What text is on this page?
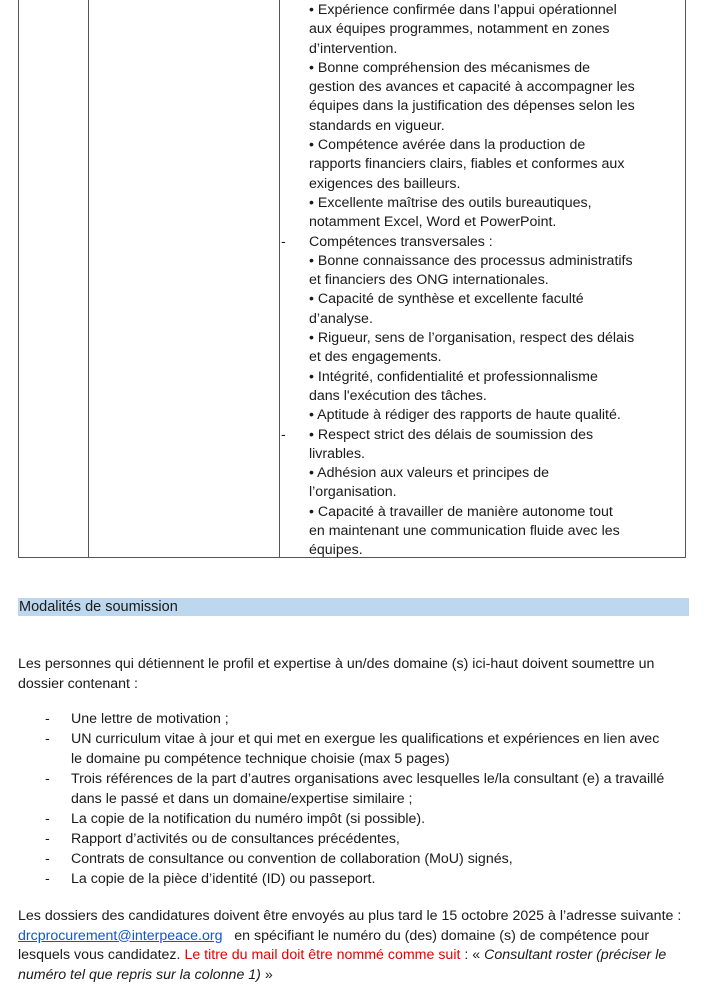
• Expérience confirmée dans l’appui opérationnel
aux équipes programmes, notamment en zones
d’intervention.
• Bonne compréhension des mécanismes de
gestion des avances et capacité à accompagner les
équipes dans la justification des dépenses selon les
standards en vigueur.
• Compétence avérée dans la production de
rapports financiers clairs, fiables et conformes aux
exigences des bailleurs.
• Excellente maîtrise des outils bureautiques,
notamment Excel, Word et PowerPoint.
- Compétences transversales :
• Bonne connaissance des processus administratifs
et financiers des ONG internationales.
• Capacité de synthèse et excellente faculté
d’analyse.
• Rigueur, sens de l’organisation, respect des délais
et des engagements.
• Intégrité, confidentialité et professionnalisme
dans l'exécution des tâches.
• Aptitude à rédiger des rapports de haute qualité.
- • Respect strict des délais de soumission des
livrables.
• Adhésion aux valeurs et principes de
l’organisation.
• Capacité à travailler de manière autonome tout
en maintenant une communication fluide avec les
équipes.
Modalités de soumission
Les personnes qui détiennent le profil et expertise à un/des domaine (s) ici-haut doivent soumettre un dossier contenant :
- Une lettre de motivation ;
- UN curriculum vitae à jour et qui met en exergue les qualifications et expériences en lien avec
le domaine pu compétence technique choisie (max 5 pages)
- Trois références de la part d’autres organisations avec lesquelles le/la consultant (e) a travaillé
dans le passé et dans un domaine/expertise similaire ;
- La copie de la notification du numéro impôt (si possible).
- Rapport d’activités ou de consultances précédentes,
- Contrats de consultance ou convention de collaboration (MoU) signés,
- La copie de la pièce d’identité (ID) ou passeport.
Les dossiers des candidatures doivent être envoyés au plus tard le 15 octobre 2025 à l’adresse suivante :
drcprocurement@interpeace.org en spécifiant le numéro du (des) domaine (s) de compétence pour
lesquels vous candidatez. Le titre du mail doit être nommé comme suit : « Consultant roster (préciser le
numéro tel que repris sur la colonne 1) »
